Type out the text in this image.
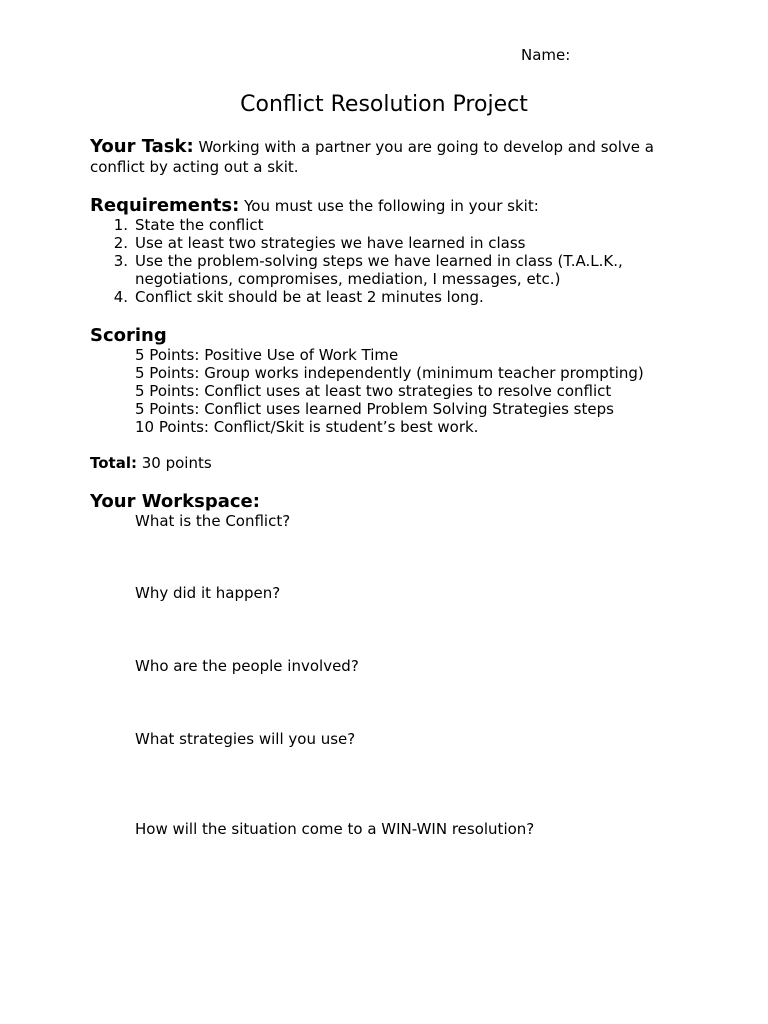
Name:
Conflict Resolution Project
Your Task: Working with a partner you are going to develop and solve a
conflict by acting out a skit.
Requirements: You must use the following in your skit:
1. State the conflict
2. Use at least two strategies we have learned in class
3. Use the problem-solving steps we have learned in class (T.A.L.K.,
negotiations, compromises, mediation, I messages, etc.)
4. Conflict skit should be at least 2 minutes long.
Scoring
5 Points: Positive Use of Work Time
5 Points: Group works independently (minimum teacher prompting)
5 Points: Conflict uses at least two strategies to resolve conflict
5 Points: Conflict uses learned Problem Solving Strategies steps
10 Points: Conflict/Skit is student’s best work.
Total: 30 points
Your Workspace:
What is the Conflict?
Why did it happen?
Who are the people involved?
What strategies will you use?
How will the situation come to a WIN-WIN resolution?
